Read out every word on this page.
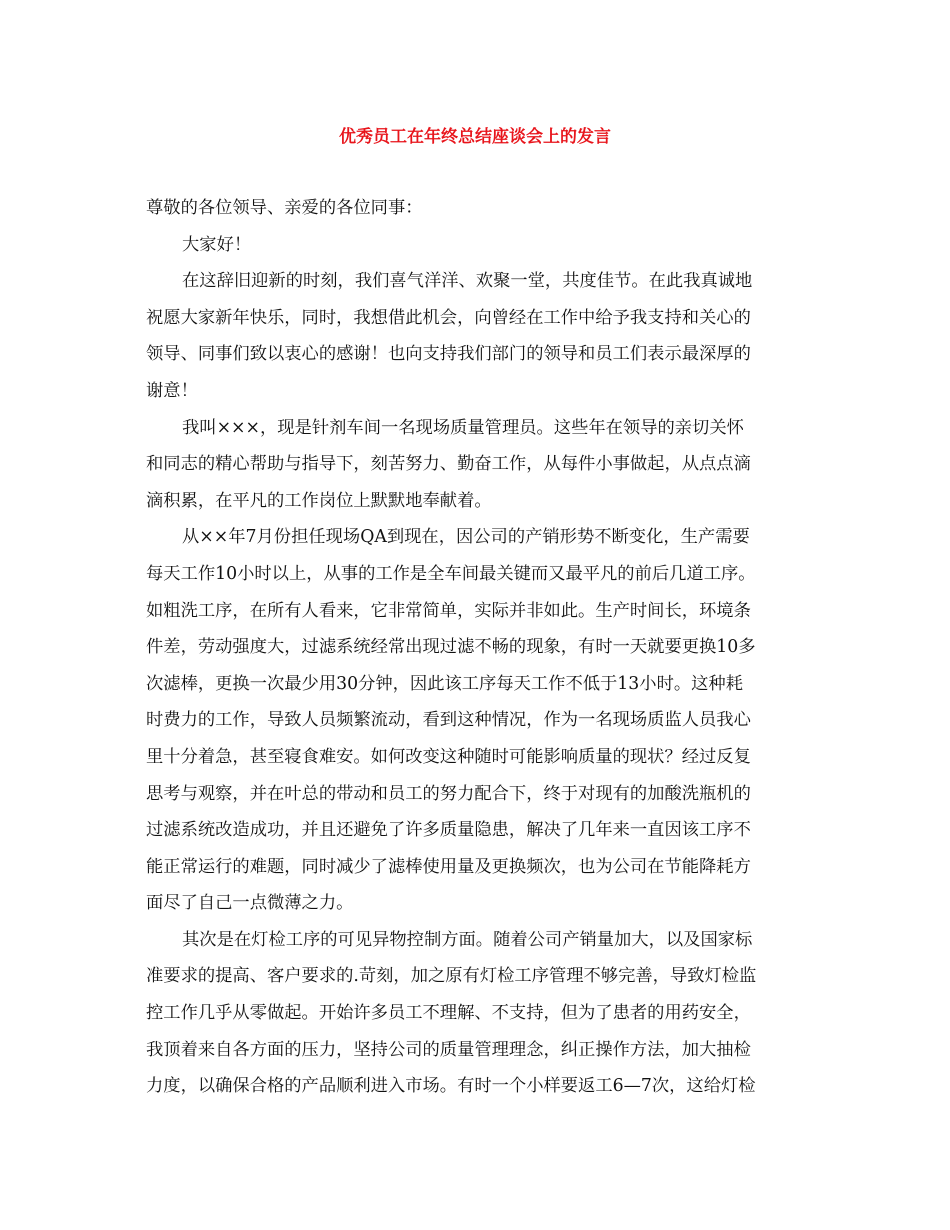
优秀员工在年终总结座谈会上的发言
尊敬的各位领导、亲爱的各位同事：
大家好！
在这辞旧迎新的时刻，我们喜气洋洋、欢聚一堂，共度佳节。在此我真诚地
祝愿大家新年快乐，同时，我想借此机会，向曾经在工作中给予我支持和关心的
领导、同事们致以衷心的感谢！也向支持我们部门的领导和员工们表示最深厚的
谢意！
我叫×××，现是针剂车间一名现场质量管理员。这些年在领导的亲切关怀
和同志的精心帮助与指导下，刻苦努力、勤奋工作，从每件小事做起，从点点滴
滴积累，在平凡的工作岗位上默默地奉献着。
从××年7月份担任现场QA到现在，因公司的产销形势不断变化，生产需要
每天工作10小时以上，从事的工作是全车间最关键而又最平凡的前后几道工序。
如粗洗工序，在所有人看来，它非常简单，实际并非如此。生产时间长，环境条
件差，劳动强度大，过滤系统经常出现过滤不畅的现象，有时一天就要更换10多
次滤棒，更换一次最少用30分钟，因此该工序每天工作不低于13小时。这种耗
时费力的工作，导致人员频繁流动，看到这种情况，作为一名现场质监人员我心
里十分着急，甚至寝食难安。如何改变这种随时可能影响质量的现状？经过反复
思考与观察，并在叶总的带动和员工的努力配合下，终于对现有的加酸洗瓶机的
过滤系统改造成功，并且还避免了许多质量隐患，解决了几年来一直因该工序不
能正常运行的难题，同时减少了滤棒使用量及更换频次，也为公司在节能降耗方
面尽了自己一点微薄之力。
其次是在灯检工序的可见异物控制方面。随着公司产销量加大，以及国家标
准要求的提高、客户要求的.苛刻，加之原有灯检工序管理不够完善，导致灯检监
控工作几乎从零做起。开始许多员工不理解、不支持，但为了患者的用药安全，
我顶着来自各方面的压力，坚持公司的质量管理理念，纠正操作方法，加大抽检
力度，以确保合格的产品顺利进入市场。有时一个小样要返工6—7次，这给灯检
